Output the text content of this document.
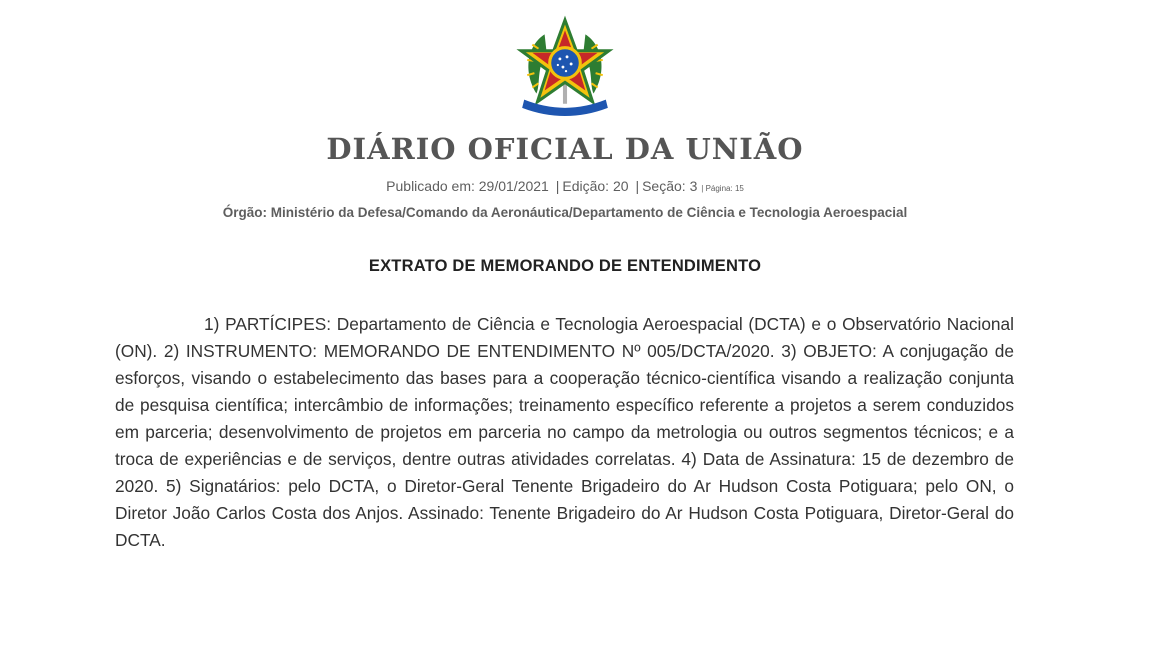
DIÁRIO OFICIAL DA UNIÃO
Publicado em: 29/01/2021 | Edição: 20 | Seção: 3 | Página: 15
Órgão: Ministério da Defesa/Comando da Aeronáutica/Departamento de Ciência e Tecnologia Aeroespacial
EXTRATO DE MEMORANDO DE ENTENDIMENTO

1) PARTÍCIPES: Departamento de Ciência e Tecnologia Aeroespacial (DCTA) e o Observatório Nacional (ON). 2) INSTRUMENTO: MEMORANDO DE ENTENDIMENTO Nº 005/DCTA/2020. 3) OBJETO: A conjugação de esforços, visando o estabelecimento das bases para a cooperação técnico-científica visando a realização conjunta de pesquisa científica; intercâmbio de informações; treinamento específico referente a projetos a serem conduzidos em parceria; desenvolvimento de projetos em parceria no campo da metrologia ou outros segmentos técnicos; e a troca de experiências e de serviços, dentre outras atividades correlatas. 4) Data de Assinatura: 15 de dezembro de 2020. 5) Signatários: pelo DCTA, o Diretor-Geral Tenente Brigadeiro do Ar Hudson Costa Potiguara; pelo ON, o Diretor João Carlos Costa dos Anjos. Assinado: Tenente Brigadeiro do Ar Hudson Costa Potiguara, Diretor-Geral do DCTA.
